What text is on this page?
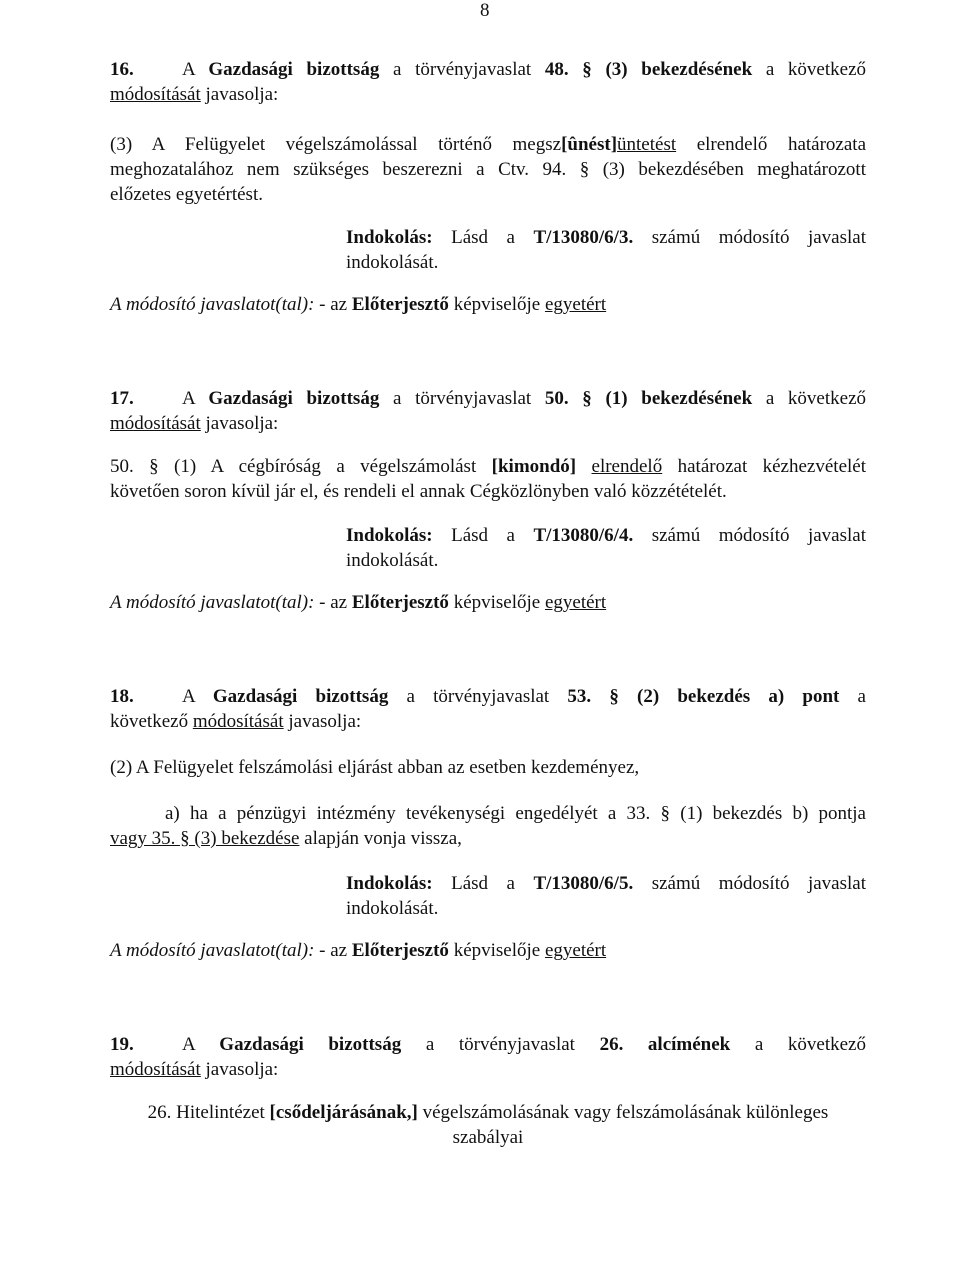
8
16.	A Gazdasági bizottság a törvényjavaslat 48. § (3) bekezdésének a következő
módosítását javasolja:
(3) A Felügyelet végelszámolással történő megsz[ûnést]üntetést elrendelő határozata
meghozatalához nem szükséges beszerezni a Ctv. 94. § (3) bekezdésében meghatározott
előzetes egyetértést.
Indokolás: Lásd a T/13080/6/3. számú módosító javaslat
indokolását.
A módosító javaslatot(tal): - az Előterjesztő képviselője egyetért
17.	A Gazdasági bizottság a törvényjavaslat 50. § (1) bekezdésének a következő
módosítását javasolja:
50. § (1) A cégbíróság a végelszámolást [kimondó] elrendelő határozat kézhezvételét
követően soron kívül jár el, és rendeli el annak Cégközlönyben való közzétételét.
Indokolás: Lásd a T/13080/6/4. számú módosító javaslat
indokolását.
A módosító javaslatot(tal): - az Előterjesztő képviselője egyetért
18.	A Gazdasági bizottság a törvényjavaslat 53. § (2) bekezdés a) pont a
következő módosítását javasolja:
(2) A Felügyelet felszámolási eljárást abban az esetben kezdeményez,
a) ha a pénzügyi intézmény tevékenységi engedélyét a 33. § (1) bekezdés b) pontja
vagy 35. § (3) bekezdése alapján vonja vissza,
Indokolás: Lásd a T/13080/6/5. számú módosító javaslat
indokolását.
A módosító javaslatot(tal): - az Előterjesztő képviselője egyetért
19.	A Gazdasági bizottság a törvényjavaslat 26. alcímének a következő
módosítását javasolja:
26. Hitelintézet [csődeljárásának,] végelszámolásának vagy felszámolásának különleges
szabályai
